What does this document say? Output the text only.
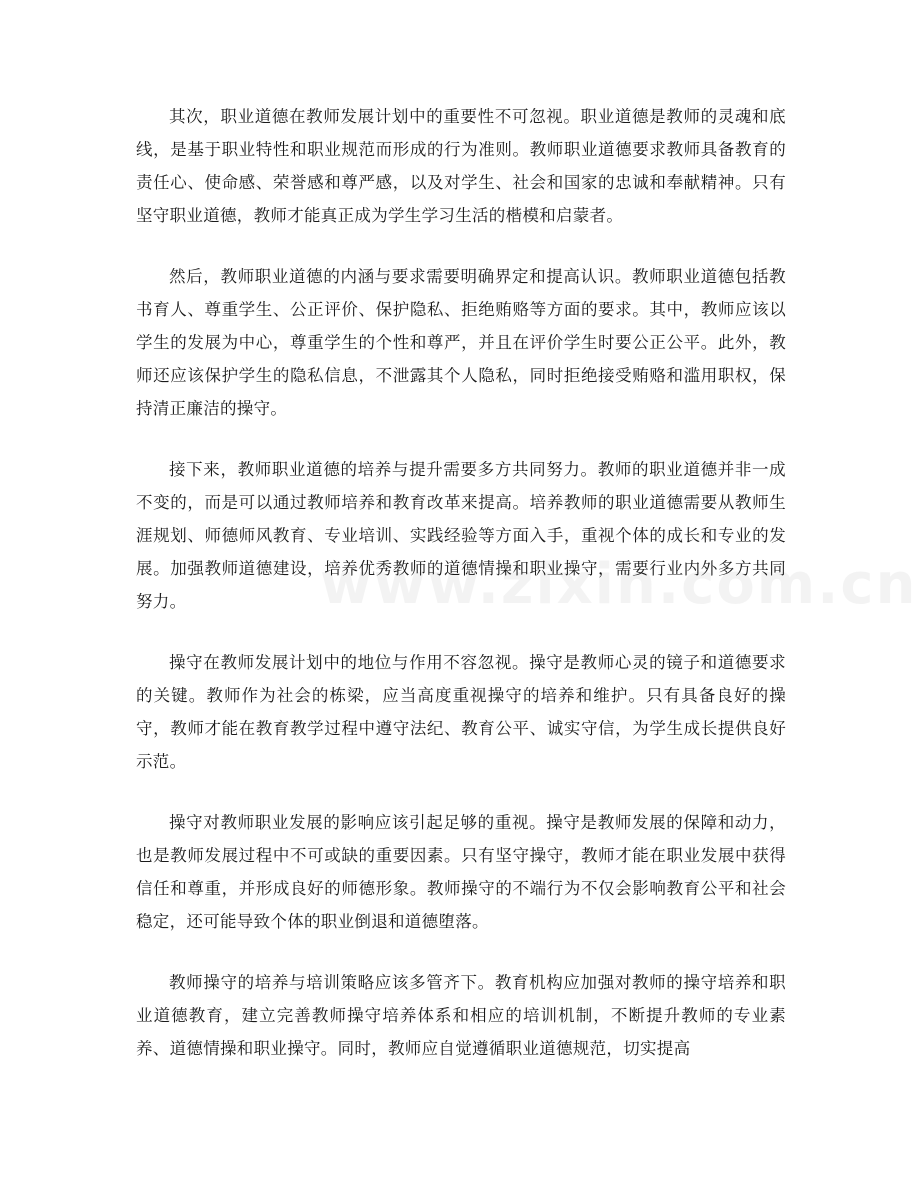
其次，职业道德在教师发展计划中的重要性不可忽视。职业道德是教师的灵魂和底线，是基于职业特性和职业规范而形成的行为准则。教师职业道德要求教师具备教育的责任心、使命感、荣誉感和尊严感，以及对学生、社会和国家的忠诚和奉献精神。只有坚守职业道德，教师才能真正成为学生学习生活的楷模和启蒙者。

然后，教师职业道德的内涵与要求需要明确界定和提高认识。教师职业道德包括教书育人、尊重学生、公正评价、保护隐私、拒绝贿赂等方面的要求。其中，教师应该以学生的发展为中心，尊重学生的个性和尊严，并且在评价学生时要公正公平。此外，教师还应该保护学生的隐私信息，不泄露其个人隐私，同时拒绝接受贿赂和滥用职权，保持清正廉洁的操守。

接下来，教师职业道德的培养与提升需要多方共同努力。教师的职业道德并非一成不变的，而是可以通过教师培养和教育改革来提高。培养教师的职业道德需要从教师生涯规划、师德师风教育、专业培训、实践经验等方面入手，重视个体的成长和专业的发展。加强教师道德建设，培养优秀教师的道德情操和职业操守，需要行业内外多方共同努力。

操守在教师发展计划中的地位与作用不容忽视。操守是教师心灵的镜子和道德要求的关键。教师作为社会的栋梁，应当高度重视操守的培养和维护。只有具备良好的操守，教师才能在教育教学过程中遵守法纪、教育公平、诚实守信，为学生成长提供良好示范。

操守对教师职业发展的影响应该引起足够的重视。操守是教师发展的保障和动力，也是教师发展过程中不可或缺的重要因素。只有坚守操守，教师才能在职业发展中获得信任和尊重，并形成良好的师德形象。教师操守的不端行为不仅会影响教育公平和社会稳定，还可能导致个体的职业倒退和道德堕落。

教师操守的培养与培训策略应该多管齐下。教育机构应加强对教师的操守培养和职业道德教育，建立完善教师操守培养体系和相应的培训机制，不断提升教师的专业素养、道德情操和职业操守。同时，教师应自觉遵循职业道德规范，切实提高
